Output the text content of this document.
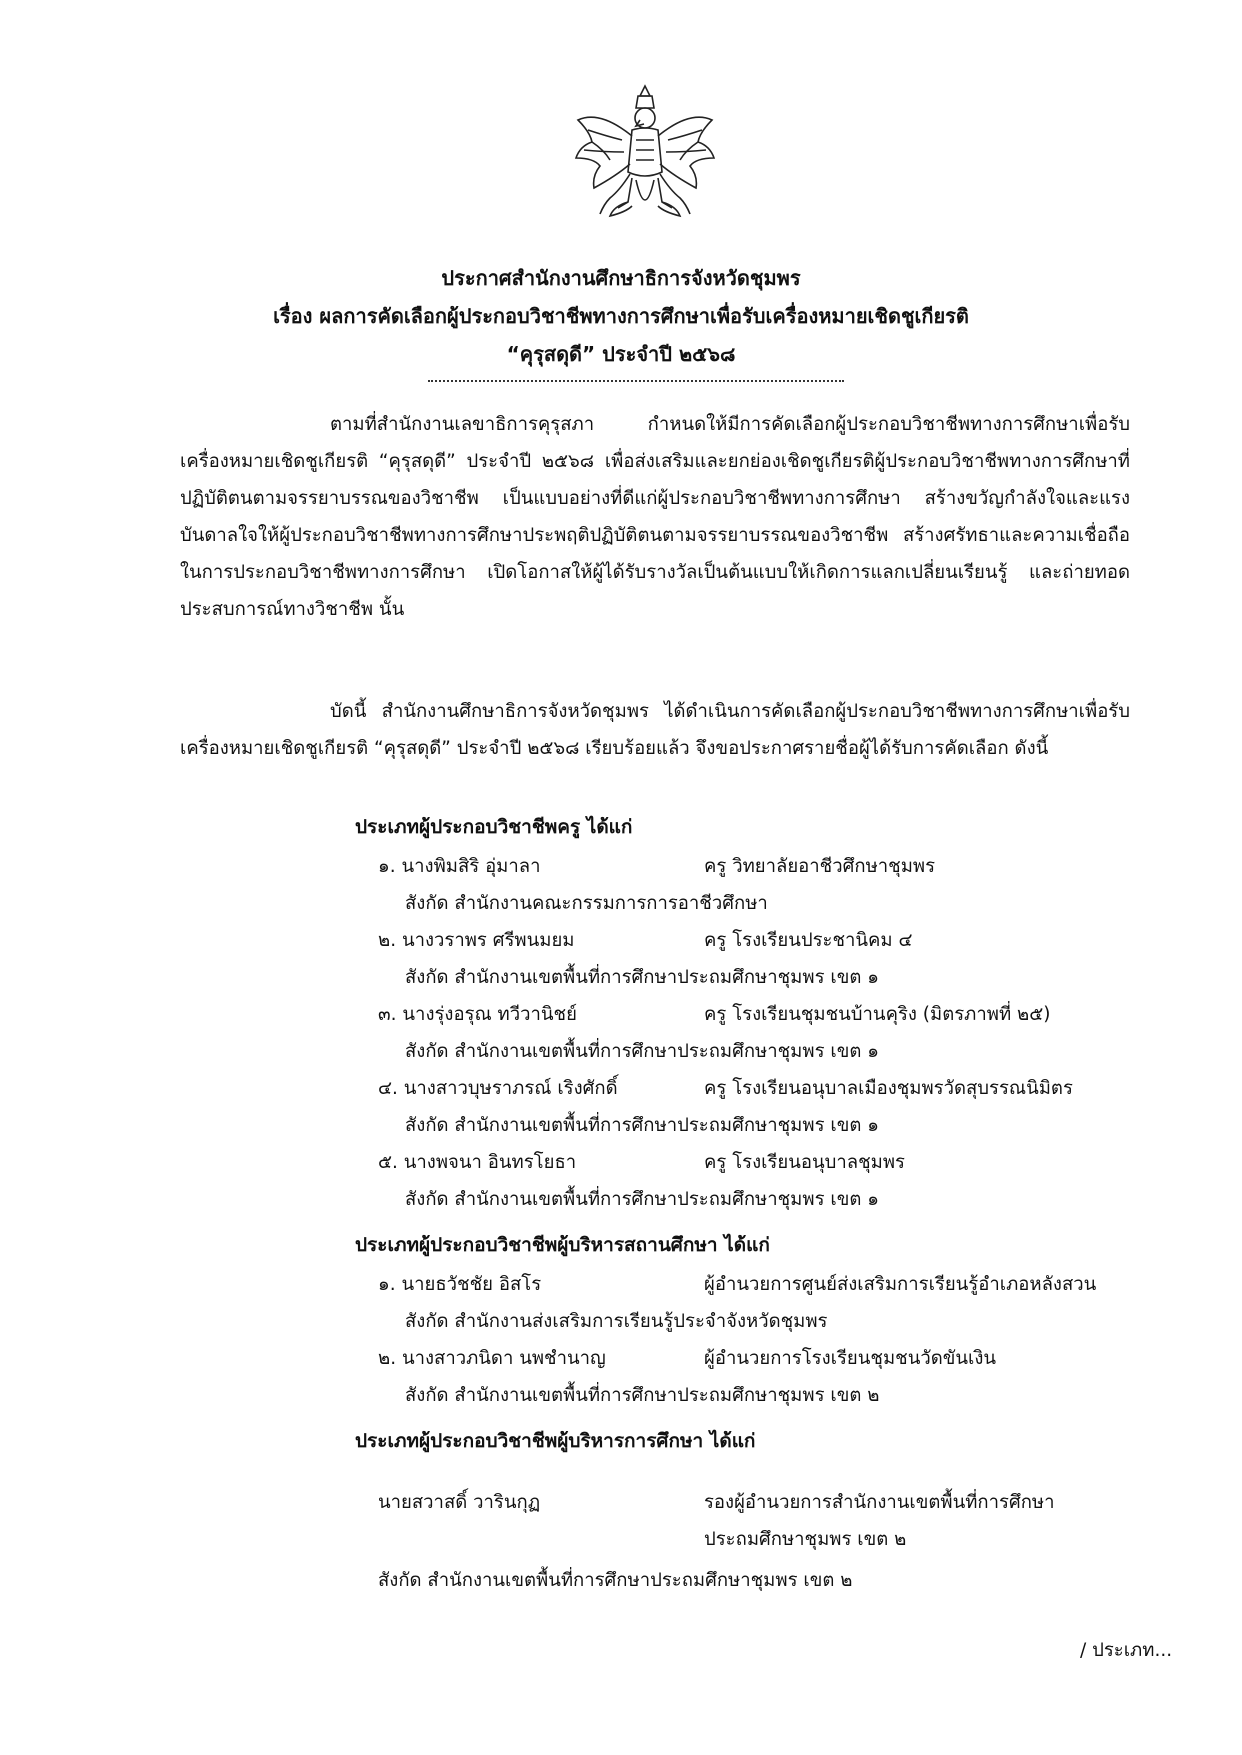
ประกาศสำนักงานศึกษาธิการจังหวัดชุมพร
เรื่อง ผลการคัดเลือกผู้ประกอบวิชาชีพทางการศึกษาเพื่อรับเครื่องหมายเชิดชูเกียรติ
“คุรุสดุดี” ประจำปี ๒๕๖๘
ตามที่สำนักงานเลขาธิการคุรุสภา กำหนดให้มีการคัดเลือกผู้ประกอบวิชาชีพทางการศึกษาเพื่อรับเครื่องหมายเชิดชูเกียรติ “คุรุสดุดี” ประจำปี ๒๕๖๘ เพื่อส่งเสริมและยกย่องเชิดชูเกียรติผู้ประกอบวิชาชีพทางการศึกษาที่ปฏิบัติตนตามจรรยาบรรณของวิชาชีพ เป็นแบบอย่างที่ดีแก่ผู้ประกอบวิชาชีพทางการศึกษา สร้างขวัญกำลังใจและแรงบันดาลใจให้ผู้ประกอบวิชาชีพทางการศึกษาประพฤติปฏิบัติตนตามจรรยาบรรณของวิชาชีพ สร้างศรัทธาและความเชื่อถือในการประกอบวิชาชีพทางการศึกษา เปิดโอกาสให้ผู้ได้รับรางวัลเป็นต้นแบบให้เกิดการแลกเปลี่ยนเรียนรู้ และถ่ายทอดประสบการณ์ทางวิชาชีพ นั้น
บัดนี้ สำนักงานศึกษาธิการจังหวัดชุมพร ได้ดำเนินการคัดเลือกผู้ประกอบวิชาชีพทางการศึกษาเพื่อรับเครื่องหมายเชิดชูเกียรติ “คุรุสดุดี” ประจำปี ๒๕๖๘ เรียบร้อยแล้ว จึงขอประกาศรายชื่อผู้ได้รับการคัดเลือก ดังนี้
ประเภทผู้ประกอบวิชาชีพครู ได้แก่
๑. นางพิมสิริ อุ่มาลา	ครู วิทยาลัยอาชีวศึกษาชุมพร
สังกัด สำนักงานคณะกรรมการการอาชีวศึกษา
๒. นางวราพร ศรีพนมยม	ครู โรงเรียนประชานิคม ๔
สังกัด สำนักงานเขตพื้นที่การศึกษาประถมศึกษาชุมพร เขต ๑
๓. นางรุ่งอรุณ ทวีวานิชย์	ครู โรงเรียนชุมชนบ้านคุริง (มิตรภาพที่ ๒๕)
สังกัด สำนักงานเขตพื้นที่การศึกษาประถมศึกษาชุมพร เขต ๑
๔. นางสาวบุษราภรณ์ เริงศักดิ์	ครู โรงเรียนอนุบาลเมืองชุมพรวัดสุบรรณนิมิตร
สังกัด สำนักงานเขตพื้นที่การศึกษาประถมศึกษาชุมพร เขต ๑
๕. นางพจนา อินทรโยธา	ครู โรงเรียนอนุบาลชุมพร
สังกัด สำนักงานเขตพื้นที่การศึกษาประถมศึกษาชุมพร เขต ๑
ประเภทผู้ประกอบวิชาชีพผู้บริหารสถานศึกษา ได้แก่
๑. นายธวัชชัย อิสโร	ผู้อำนวยการศูนย์ส่งเสริมการเรียนรู้อำเภอหลังสวน
สังกัด สำนักงานส่งเสริมการเรียนรู้ประจำจังหวัดชุมพร
๒. นางสาวภนิดา นพชำนาญ	ผู้อำนวยการโรงเรียนชุมชนวัดขันเงิน
สังกัด สำนักงานเขตพื้นที่การศึกษาประถมศึกษาชุมพร เขต ๒
ประเภทผู้ประกอบวิชาชีพผู้บริหารการศึกษา ได้แก่
นายสวาสดิ์ วารินกุฏ	รองผู้อำนวยการสำนักงานเขตพื้นที่การศึกษา
ประถมศึกษาชุมพร เขต ๒
สังกัด สำนักงานเขตพื้นที่การศึกษาประถมศึกษาชุมพร เขต ๒
/ ประเภท...
